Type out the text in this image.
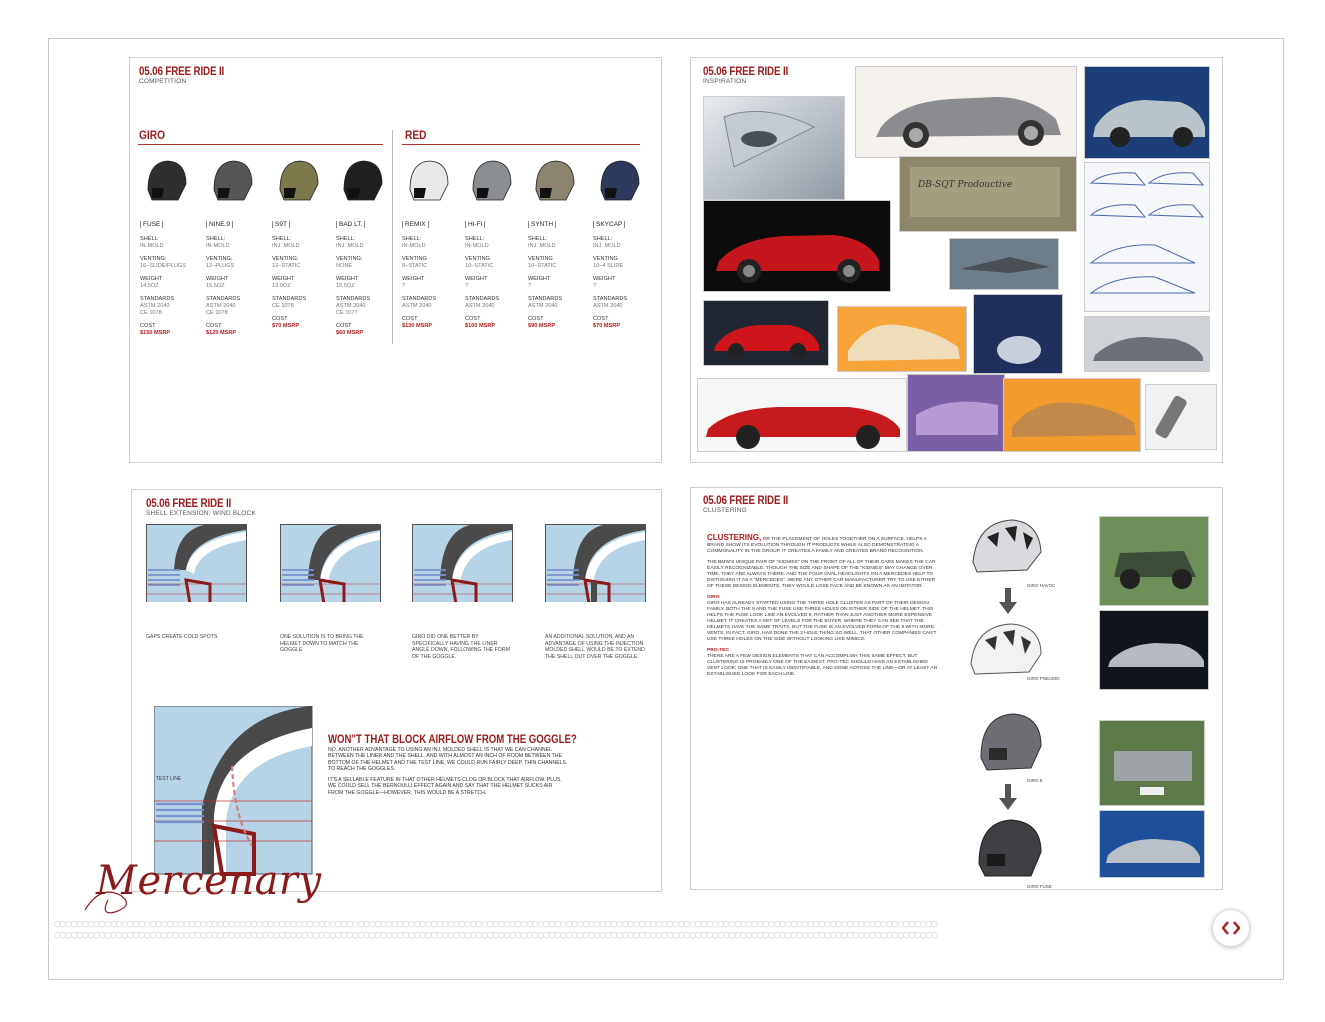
05.06 FREE RIDE II
COMPETITION
GIRO	RED
FUSE
SHELL:
IN-MOLD
VENTING:
16–SLIDE/PLUGS
WEIGHT
14.5OZ
STANDARDS
ASTM 2040
CE 1078
COST
$150 MSRP
NINE.9
SHELL:
IN-MOLD
VENTING:
12–PLUGS
WEIGHT
15.5OZ
STANDARDS
ASTM 2040
CE 1078
COST
$120 MSRP
S9T
SHELL:
INJ. MOLD
VENTING:
12–STATIC
WEIGHT
13.0OZ
STANDARDS
CE 1078
COST
$70 MSRP
BAD LT.
SHELL:
INJ. MOLD
VENTING:
NONE
WEIGHT
15.5OZ
STANDARDS
ASTM 2040
CE 1077
COST
$60 MSRP
REMIX
SHELL:
IN-MOLD
VENTING
8–STATIC
WEIGHT
?
STANDARDS
ASTM 2040
COST
$130 MSRP
HI-FI
SHELL:
IN-MOLD
VENTING
10–STATIC
WEIGHT
?
STANDARDS
ASTM 2040
COST
$100 MSRP
SYNTH
SHELL:
INJ. MOLD
VENTING
10–STATIC
WEIGHT
?
STANDARDS
ASTM 2040
COST
$90 MSRP
SKYCAP
SHELL:
INJ. MOLD
VENTING
10–4 SLIDE
WEIGHT
?
STANDARDS
ASTM 2040
COST
$70 MSRP
05.06 FREE RIDE II
INSPIRATION
DB-SQT Prodouctive
05.06 FREE RIDE II
SHELL EXTENSION: WIND BLOCK
GAPS CREATE COLD SPOTS	ONE SOLUTION IS TO BRING THE HELMET DOWN TO MATCH THE GOGGLE
GIRO DID ONE BETTER BY SPECIFICALLY HAVING THE LINER ANGLE DOWN, FOLLOWING THE FORM OF THE GOGGLE.
AN ADDITIONAL SOLUTION, AND AN ADVANTAGE OF USING THE INJECTION MOLDED SHELL WOULD BE TO EXTEND THE SHELL OUT OVER THE GOGGLE.
TEST LINE
WON"T THAT BLOCK AIRFLOW FROM THE GOGGLE?

NO. ANOTHER ADVANTAGE TO USING AN INJ. MOLDED SHELL IS THAT WE CAN CHANNEL BETWEEN THE LINER AND THE SHELL. AND WITH ALMOST AN INCH OF ROOM BETWEEN THE BOTTOM OF THE HELMET AND THE TEST LINE, WE COULD RUN FAIRLY DEEP, THIN CHANNELS TO REACH THE GOGGLES.

IT'S A SELLABLE FEATURE IN THAT OTHER HELMETS CLOG OR BLOCK THAT AIRFLOW. PLUS, WE COULD SELL THE BERNOULLI EFFECT AGAIN AND SAY THAT THE HELMET SUCKS AIR FROM THE GOGGLE—HOWEVER, THIS WOULD BE A STRETCH.

05.06 FREE RIDE II
CLUSTERING

CLUSTERING, OR THE PLACEMENT OF HOLES TOGETHER ON A SURFACE, HELPS A BRAND SHOW ITS EVOLUTION THROUGH IT PRODUCTS WHILE ALSO DEMONSTRATING A COMMONALITY IN THE GROUP. IT CREATES A FAMILY AND CREATES BRAND RECOGNITION.

THE BMW'S UNIQUE PAIR OF "KIDNIES" ON THE FRONT OF ALL OF THEIR CARS MAKES THE CAR EASILY RECOGNIZABLE. THOUGH THE SIZE AND SHAPE OF THE "KIDNIES" MAY CHANGE OVER TIME, THEY ARE ALWAYS THERE. AND THE FOUR OVAL HEADLIGHTS ON A MERCEDES HELP TO DISTIGUISH IT AS A "MERCEDES". WERE ANY OTHER CAR MANUFACTURER TRY TO USE EITHER OF THESE DESIGN ELEMENTS, THEY WOULD LOSE FACE AND BE KNOWN AS AN IMITATOR.

GIRO

GIRO HAS ALREADY STARTED USING THE THREE HOLE CLUSTER AS PART OF THEIR DESIGN FAMILY. BOTH THE 9 AND THE FUSE USE THREE HOLES ON EITHER SIDE OF THE HELMET. THIS HELPS THE FUSE LOOK LIKE AN EVOLVED 9, RATHER THAN JUST ANOTHER MORE EXPENSIVE HELMET. IT CREATES A SET OF LEVELS FOR THE BUYER, WHERE THEY CAN SEE THAT THE HELMETS HAVE THE SAME TRAITS, BUT THE FUSE IS AN EVOLVED FORM OF THE 9 WITH MORE VENTS. IN FACT, GIRO, HAS DONE THE 3 HOLE THING SO WELL, THAT OTHER COMPANIES CAN'T USE THREE HOLES ON THE SIDE WITHOUT LOOKING LIKE MIMICS.

PRO-TEC

THERE ARE A FEW DESIGN ELEMENTS THAT CAN ACCOMPLISH THIS SAME EFFECT, BUT CLUSTERING IS PROBABLY ONE OF THE EASIEST. PRO-TEC SHOULD HAVE AN ESTABLISHED VENT LOOK; ONE THAT IS EASILY IDENTIFIABLE, AND DONE ACROSS THE LINE—OR AT LEAST AN ESTABLISHED LOOK FOR EACH LINE.

GIRO HAVOC
GIRO PNEUMO
GIRO 9
GIRO FUSE
○○○○○○○○○○○○○○○○○○○○○○○○○○○○○○○○○○○○○○○○○○○○○○○○○○○○○○○○○○○○○○○○○○○○○○○○○○○○○○○○○○○○○○○○○○○○○○○○○○○○○○○○○○○○○○○○○○○○○○○○○○○○○○○○○○○○○○○○○○○○○○○○○○○○○○○○○○○○○
○○○○○○○○○○○○○○○○○○○○○○○○○○○○○○○○○○○○○○○○○○○○○○○○○○○○○○○○○○○○○○○○○○○○○○○○○○○○○○○○○○○○○○○○○○○○○○○○○○○○○○○○○○○○○○○○○○○○○○○○○○○○○○○○○○○○○○○○○○○○○○○○○○○○○○○○○○○○○
Mercenary
